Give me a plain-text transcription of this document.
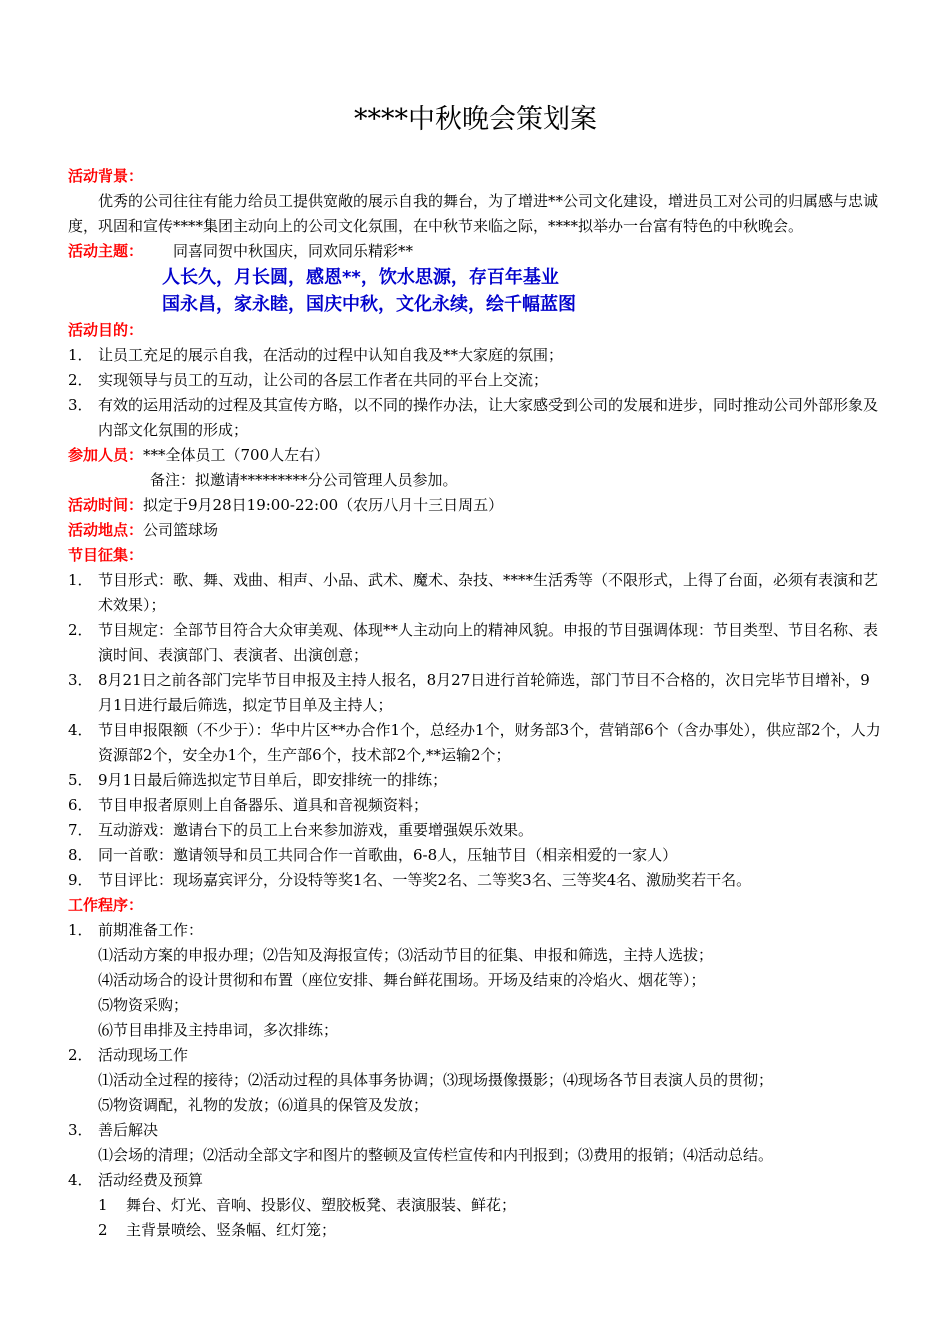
****中秋晚会策划案
活动背景：
优秀的公司往往有能力给员工提供宽敞的展示自我的舞台，为了增进**公司文化建设，增进员工对公司的归属感与忠诚度，巩固和宣传****集团主动向上的公司文化氛围，在中秋节来临之际，****拟举办一台富有特色的中秋晚会。
活动主题： 同喜同贺中秋国庆，同欢同乐精彩**
人长久，月长圆，感恩**，饮水思源，存百年基业
国永昌，家永睦，国庆中秋，文化永续，绘千幅蓝图
活动目的：
1． 让员工充足的展示自我，在活动的过程中认知自我及**大家庭的氛围；
2． 实现领导与员工的互动，让公司的各层工作者在共同的平台上交流；
3． 有效的运用活动的过程及其宣传方略，以不同的操作办法，让大家感受到公司的发展和进步，同时推动公司外部形象及内部文化氛围的形成；
参加人员：***全体员工（700人左右）
备注：拟邀请*********分公司管理人员参加。
活动时间：拟定于9月28日19:00-22:00（农历八月十三日周五）
活动地点：公司篮球场
节目征集：
1． 节目形式：歌、舞、戏曲、相声、小品、武术、魔术、杂技、****生活秀等（不限形式，上得了台面，必须有表演和艺术效果）；
2． 节目规定：全部节目符合大众审美观、体现**人主动向上的精神风貌。申报的节目强调体现：节目类型、节目名称、表演时间、表演部门、表演者、出演创意；
3． 8月21日之前各部门完毕节目申报及主持人报名，8月27日进行首轮筛选，部门节目不合格的，次日完毕节目增补，9月1日进行最后筛选，拟定节目单及主持人；
4． 节目申报限额（不少于）：华中片区**办合作1个，总经办1个，财务部3个，营销部6个（含办事处），供应部2个，人力资源部2个，安全办1个，生产部6个，技术部2个,**运输2个；
5． 9月1日最后筛选拟定节目单后，即安排统一的排练；
6． 节目申报者原则上自备器乐、道具和音视频资料；
7． 互动游戏：邀请台下的员工上台来参加游戏，重要增强娱乐效果。
8． 同一首歌：邀请领导和员工共同合作一首歌曲，6-8人，压轴节目（相亲相爱的一家人）
9． 节目评比：现场嘉宾评分，分设特等奖1名、一等奖2名、二等奖3名、三等奖4名、激励奖若干名。
工作程序：
1． 前期准备工作：
⑴活动方案的申报办理；⑵告知及海报宣传；⑶活动节目的征集、申报和筛选，主持人选拔；
⑷活动场合的设计贯彻和布置（座位安排、舞台鲜花围场。开场及结束的冷焰火、烟花等）；
⑸物资采购；
⑹节目串排及主持串词，多次排练；
2． 活动现场工作
⑴活动全过程的接待；⑵活动过程的具体事务协调；⑶现场摄像摄影；⑷现场各节目表演人员的贯彻；
⑸物资调配，礼物的发放；⑹道具的保管及发放；
3． 善后解决
⑴会场的清理；⑵活动全部文字和图片的整顿及宣传栏宣传和内刊报到；⑶费用的报销；⑷活动总结。
4． 活动经费及预算
1	舞台、灯光、音响、投影仪、塑胶板凳、表演服装、鲜花；
2	主背景喷绘、竖条幅、红灯笼；
